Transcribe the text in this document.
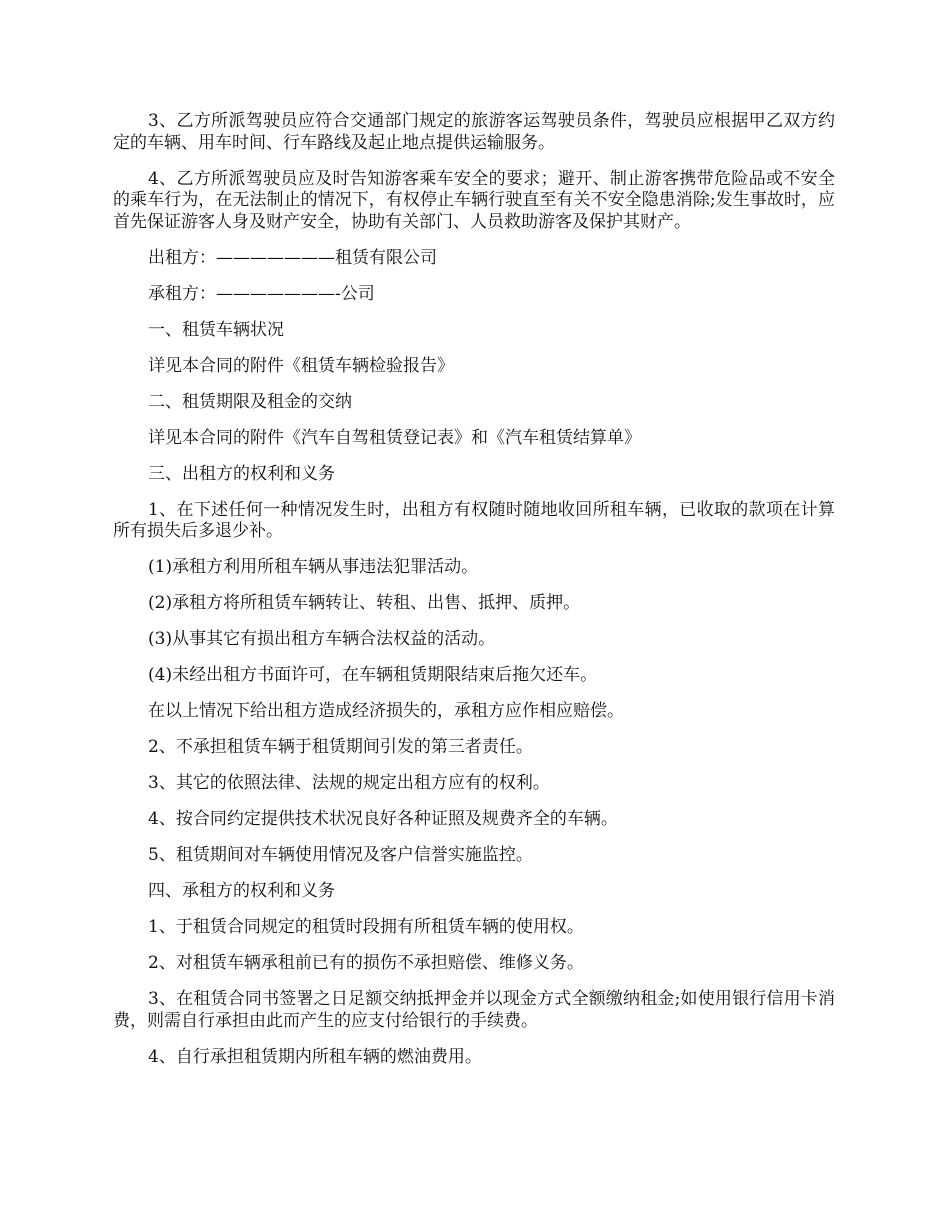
3、乙方所派驾驶员应符合交通部门规定的旅游客运驾驶员条件，驾驶员应根据甲乙双方约定的车辆、用车时间、行车路线及起止地点提供运输服务。

4、乙方所派驾驶员应及时告知游客乘车安全的要求；避开、制止游客携带危险品或不安全的乘车行为，在无法制止的情况下，有权停止车辆行驶直至有关不安全隐患消除;发生事故时，应首先保证游客人身及财产安全，协助有关部门、人员救助游客及保护其财产。

出租方：———————租赁有限公司

承租方：———————-公司

一、租赁车辆状况

详见本合同的附件《租赁车辆检验报告》

二、租赁期限及租金的交纳

详见本合同的附件《汽车自驾租赁登记表》和《汽车租赁结算单》

三、出租方的权利和义务

1、在下述任何一种情况发生时，出租方有权随时随地收回所租车辆，已收取的款项在计算所有损失后多退少补。

(1)承租方利用所租车辆从事违法犯罪活动。

(2)承租方将所租赁车辆转让、转租、出售、抵押、质押。

(3)从事其它有损出租方车辆合法权益的活动。

(4)未经出租方书面许可，在车辆租赁期限结束后拖欠还车。

在以上情况下给出租方造成经济损失的，承租方应作相应赔偿。

2、不承担租赁车辆于租赁期间引发的第三者责任。

3、其它的依照法律、法规的规定出租方应有的权利。

4、按合同约定提供技术状况良好各种证照及规费齐全的车辆。

5、租赁期间对车辆使用情况及客户信誉实施监控。

四、承租方的权利和义务

1、于租赁合同规定的租赁时段拥有所租赁车辆的使用权。

2、对租赁车辆承租前已有的损伤不承担赔偿、维修义务。

3、在租赁合同书签署之日足额交纳抵押金并以现金方式全额缴纳租金;如使用银行信用卡消费，则需自行承担由此而产生的应支付给银行的手续费。

4、自行承担租赁期内所租车辆的燃油费用。
